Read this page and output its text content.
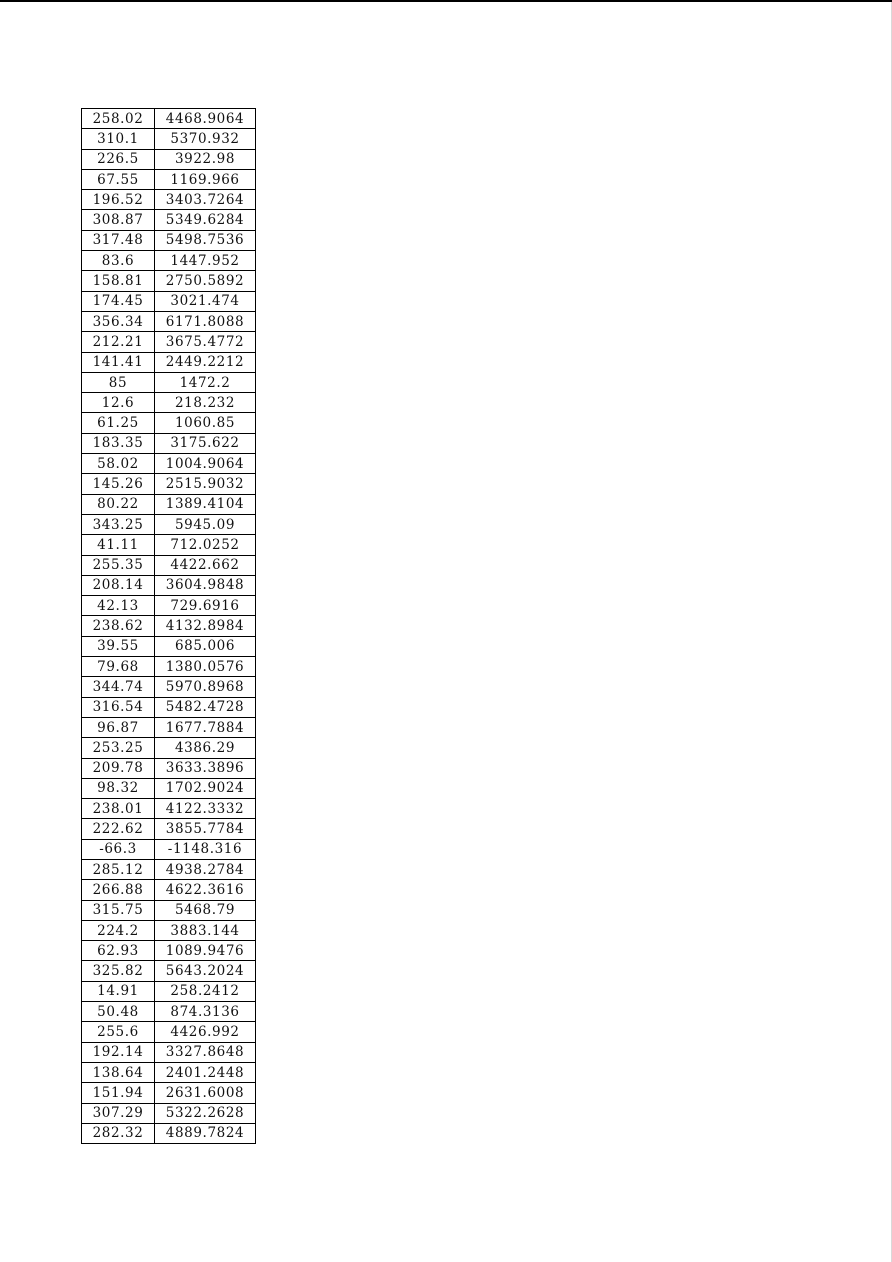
258.02	4468.9064
310.1	5370.932
226.5	3922.98
67.55	1169.966
196.52	3403.7264
308.87	5349.6284
317.48	5498.7536
83.6	1447.952
158.81	2750.5892
174.45	3021.474
356.34	6171.8088
212.21	3675.4772
141.41	2449.2212
85	1472.2
12.6	218.232
61.25	1060.85
183.35	3175.622
58.02	1004.9064
145.26	2515.9032
80.22	1389.4104
343.25	5945.09
41.11	712.0252
255.35	4422.662
208.14	3604.9848
42.13	729.6916
238.62	4132.8984
39.55	685.006
79.68	1380.0576
344.74	5970.8968
316.54	5482.4728
96.87	1677.7884
253.25	4386.29
209.78	3633.3896
98.32	1702.9024
238.01	4122.3332
222.62	3855.7784
-66.3	-1148.316
285.12	4938.2784
266.88	4622.3616
315.75	5468.79
224.2	3883.144
62.93	1089.9476
325.82	5643.2024
14.91	258.2412
50.48	874.3136
255.6	4426.992
192.14	3327.8648
138.64	2401.2448
151.94	2631.6008
307.29	5322.2628
282.32	4889.7824
